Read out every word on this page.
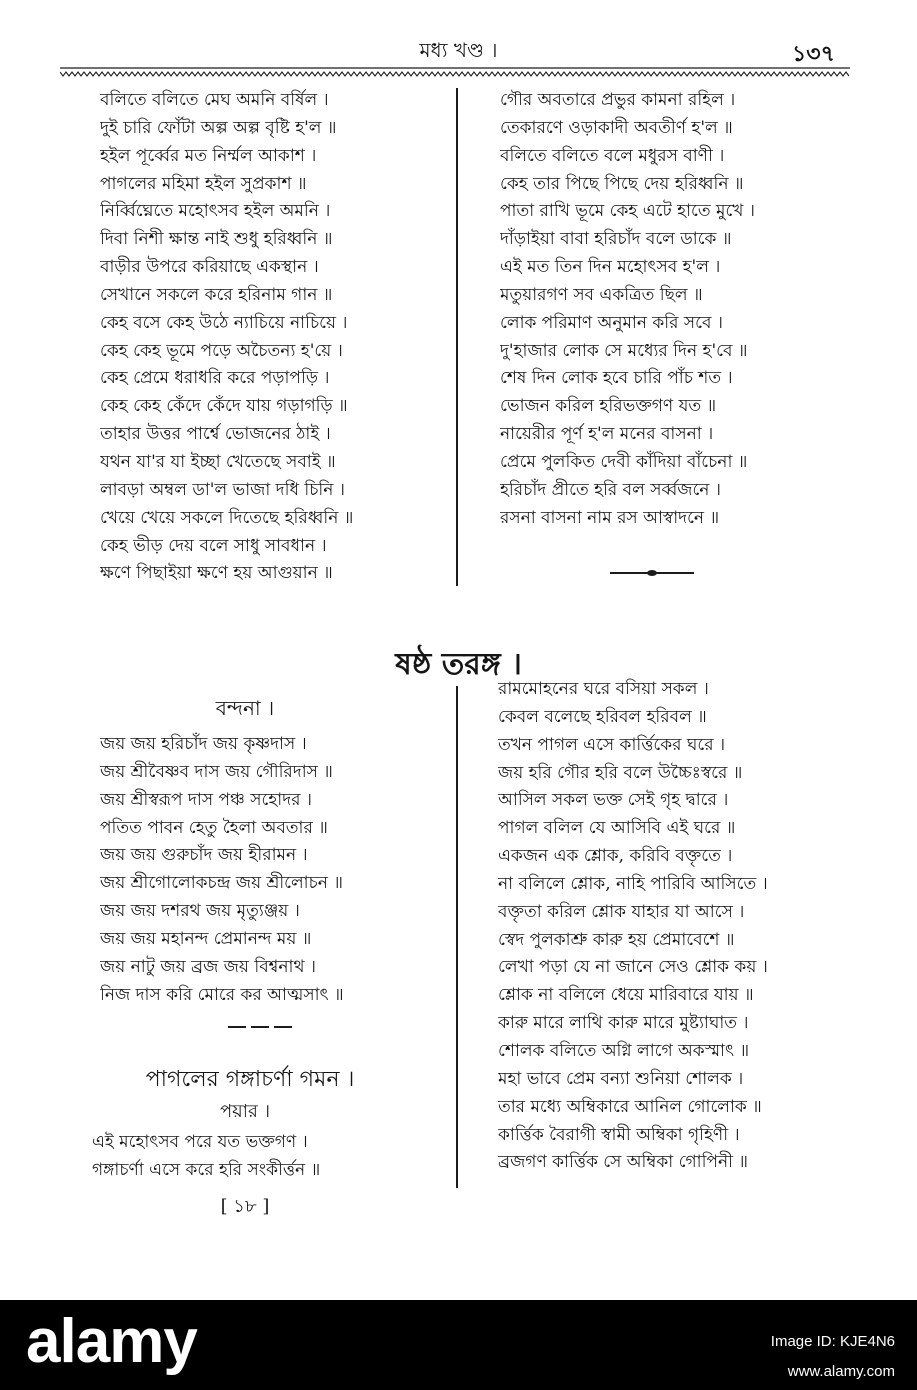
মধ্য খণ্ড ।	১৩৭
বলিতে বলিতে মেঘ অমনি বর্ষিল ।
দুই চারি ফোঁটা অল্প অল্প বৃষ্টি হ'ল ॥
হইল পূর্ব্বের মত নির্ম্মল আকাশ ।
পাগলের মহিমা হইল সুপ্রকাশ ॥
নির্ব্বিঘ্নেতে মহোৎসব হইল অমনি ।
দিবা নিশী ক্ষান্ত নাই শুধু হরিধ্বনি ॥
বাড়ীর উপরে করিয়াছে একস্থান ।
সেখানে সকলে করে হরিনাম গান ॥
কেহ বসে কেহ উঠে ন্যাচিয়ে নাচিয়ে ।
কেহ কেহ ভূমে পড়ে অচৈতন্য হ'য়ে ।
কেহ প্রেমে ধরাধরি করে পড়াপড়ি ।
কেহ কেহ কেঁদে কেঁদে যায় গড়াগড়ি ॥
তাহার উত্তর পার্শ্বে ভোজনের ঠাই ।
যথন যা'র যা ইচ্ছা খেতেছে সবাই ॥
লাবড়া অম্বল ডা'ল ভাজা দধি চিনি ।
খেয়ে খেয়ে সকলে দিতেছে হরিধ্বনি ॥
কেহ ভীড় দেয় বলে সাধু সাবধান ।
ক্ষণে পিছাইয়া ক্ষণে হয় আগুয়ান ॥
গৌর অবতারে প্রভুর কামনা রহিল ।
তেকারণে ওড়াকাদী অবতীর্ণ হ'ল ॥
বলিতে বলিতে বলে মধুরস বাণী ।
কেহ তার পিছে পিছে দেয় হরিধ্বনি ॥
পাতা রাখি ভূমে কেহ এটে হাতে মুখে ।
দাঁড়াইয়া বাবা হরিচাঁদ বলে ডাকে ॥
এই মত তিন দিন মহোৎসব হ'ল ।
মতুয়ারগণ সব একত্রিত ছিল ॥
লোক পরিমাণ অনুমান করি সবে ।
দু'হাজার লোক সে মধ্যের দিন হ'বে ॥
শেষ দিন লোক হবে চারি পাঁচ শত ।
ভোজন করিল হরিভক্তগণ যত ॥
নায়েরীর পূর্ণ হ'ল মনের বাসনা ।
প্রেমে পুলকিত দেবী কাঁদিয়া বাঁচেনা ॥
হরিচাঁদ প্রীতে হরি বল সর্ব্বজনে ।
রসনা বাসনা নাম রস আস্বাদনে ॥
ষষ্ঠ তরঙ্গ ।
বন্দনা ।
জয় জয় হরিচাঁদ জয় কৃষ্ণদাস ।
জয় শ্রীবৈষ্ণব দাস জয় গৌরিদাস ॥
জয় শ্রীস্বরূপ দাস পঞ্চ সহোদর ।
পতিত পাবন হেতু হৈলা অবতার ॥
জয় জয় গুরুচাঁদ জয় হীরামন ।
জয় শ্রীগোলোকচন্দ্র জয় শ্রীলোচন ॥
জয় জয় দশরথ জয় মৃত্যুঞ্জয় ।
জয় জয় মহানন্দ প্রেমানন্দ ময় ॥
জয় নাটু জয় ব্রজ জয় বিশ্বনাথ ।
নিজ দাস করি মোরে কর আত্মসাৎ ॥
পাগলের গঙ্গাচর্ণা গমন ।
পয়ার ।
এই মহোৎসব পরে যত ভক্তগণ ।
গঙ্গাচর্ণা এসে করে হরি সংকীর্ত্তন ॥
[ ১৮ ]
রামমোহনের ঘরে বসিয়া সকল ।
কেবল বলেছে হরিবল হরিবল ॥
তখন পাগল এসে কার্ত্তিকের ঘরে ।
জয় হরি গৌর হরি বলে উচ্চৈঃস্বরে ॥
আসিল সকল ভক্ত সেই গৃহ দ্বারে ।
পাগল বলিল যে আসিবি এই ঘরে ॥
একজন এক শ্লোক, করিবি বক্তৃতে ।
না বলিলে শ্লোক, নাহি পারিবি আসিতে ।
বক্তৃতা করিল শ্লোক যাহার যা আসে ।
স্বেদ পুলকাশ্রু কারু হয় প্রেমাবেশে ॥
লেখা পড়া যে না জানে সেও শ্লোক কয় ।
শ্লোক না বলিলে ধেয়ে মারিবারে যায় ॥
কারু মারে লাথি কারু মারে মুষ্ট্যাঘাত ।
শোলক বলিতে অগ্নি লাগে অকস্মাৎ ॥
মহা ভাবে প্রেম বন্যা শুনিয়া শোলক ।
তার মধ্যে অম্বিকারে আনিল গোলোক ॥
কার্ত্তিক বৈরাগী স্বামী অম্বিকা গৃহিণী ।
ব্রজগণ কার্ত্তিক সে অম্বিকা গোপিনী ॥
alamy	Image ID: KJE4N6
www.alamy.com
